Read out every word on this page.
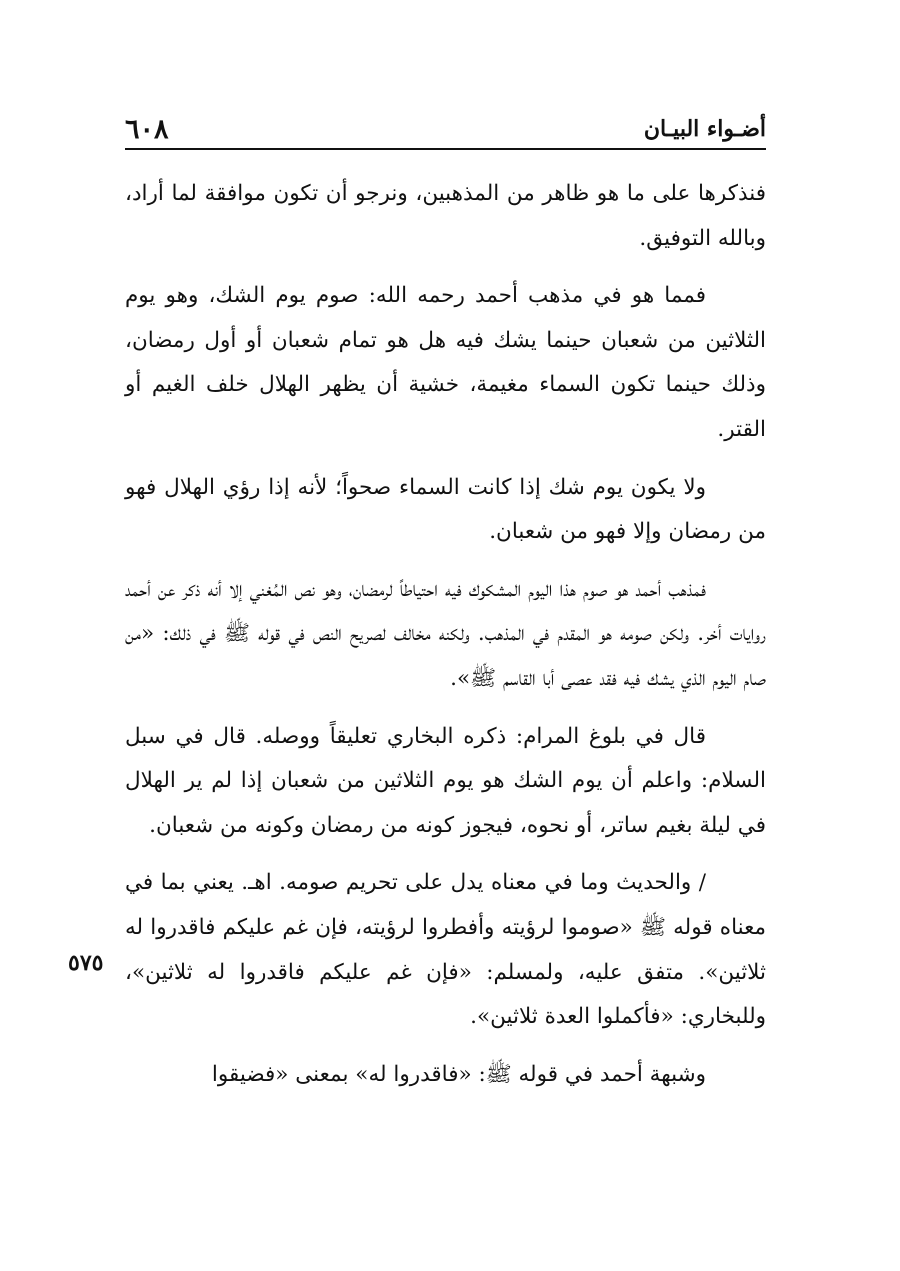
٦٠٨	أضـواء البيـان
٥٧٥

فنذكرها على ما هو ظاهر من المذهبين، ونرجو أن تكون موافقة لما أراد، وبالله التوفيق.

فمما هو في مذهب أحمد رحمه الله: صوم يوم الشك، وهو يوم الثلاثين من شعبان حينما يشك فيه هل هو تمام شعبان أو أول رمضان، وذلك حينما تكون السماء مغيمة، خشية أن يظهر الهلال خلف الغيم أو القتر.

ولا يكون يوم شك إذا كانت السماء صحواً؛ لأنه إذا رؤي الهلال فهو من رمضان وإلا فهو من شعبان.

فمذهب أحمد هو صوم هذا اليوم المشكوك فيه احتياطاً لرمضان، وهو نص المُغني إلا أنه ذكر عن أحمد روايات أخر. ولكن صومه هو المقدم في المذهب. ولكنه مخالف لصريح النص في قوله ﷺ في ذلك: «من صام اليوم الذي يشك فيه فقد عصى أبا القاسم ﷺ».

قال في بلوغ المرام: ذكره البخاري تعليقاً ووصله. قال في سبل السلام: واعلم أن يوم الشك هو يوم الثلاثين من شعبان إذا لم ير الهلال في ليلة بغيم ساتر، أو نحوه، فيجوز كونه من رمضان وكونه من شعبان.

/ والحديث وما في معناه يدل على تحريم صومه. اهـ. يعني بما في معناه قوله ﷺ «صوموا لرؤيته وأفطروا لرؤيته، فإن غم عليكم فاقدروا له ثلاثين». متفق عليه، ولمسلم: «فإن غم عليكم فاقدروا له ثلاثين»، وللبخاري: «فأكملوا العدة ثلاثين».

وشبهة أحمد في قوله ﷺ: «فاقدروا له» بمعنى «فضيقوا
